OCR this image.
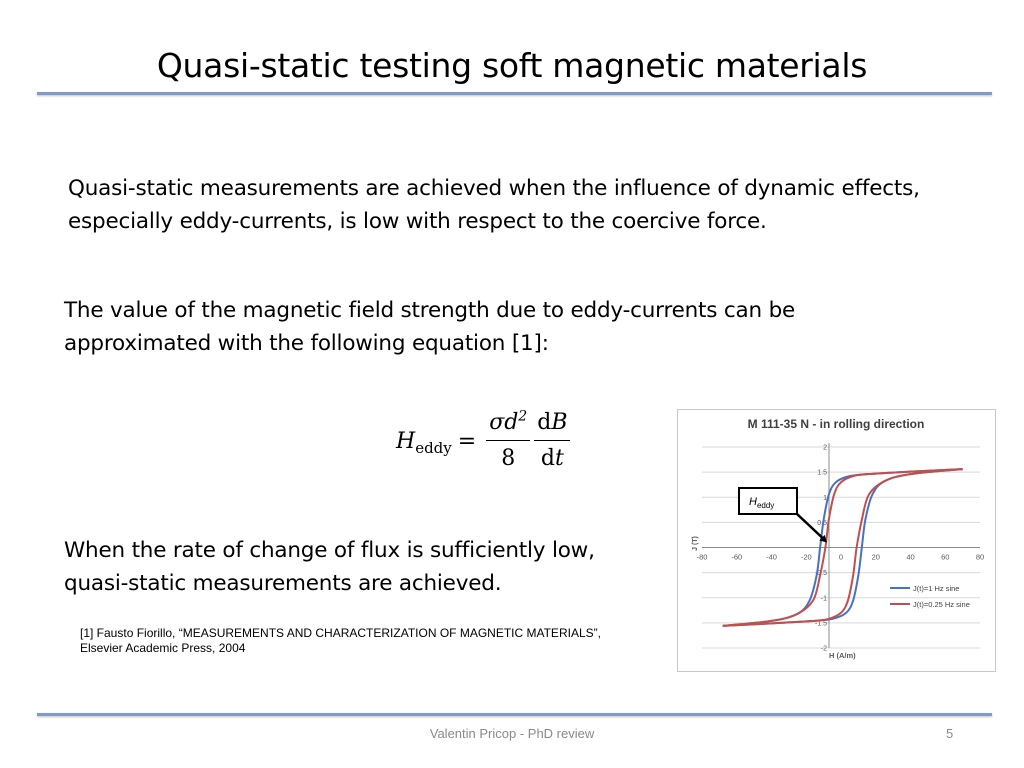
Quasi-static testing soft magnetic materials
Quasi-static measurements are achieved when the influence of dynamic effects, especially eddy-currents, is low with respect to the coercive force.
The value of the magnetic field strength due to eddy-currents can be approximated with the following equation [1]:
H eddy = $\frac{\sigma d^2}{8} \frac{dB}{dt}$
When the rate of change of flux is sufficiently low, quasi-static measurements are achieved.
[1] Fausto Fiorillo, “MEASUREMENTS AND CHARACTERIZATION OF MAGNETIC MATERIALS”, Elsevier Academic Press, 2004
2
1.5
1
0.5
-0.5
-1
-1.5
-2
-80	-60	-40	-20	0	20	40	60	80
J (T)
H (A/m)
M 111-35 N - in rolling direction
J(t)=1 Hz sine
J(t)=0.25 Hz sine
$H_{eddy}$
Valentin Pricop - PhD review	5
